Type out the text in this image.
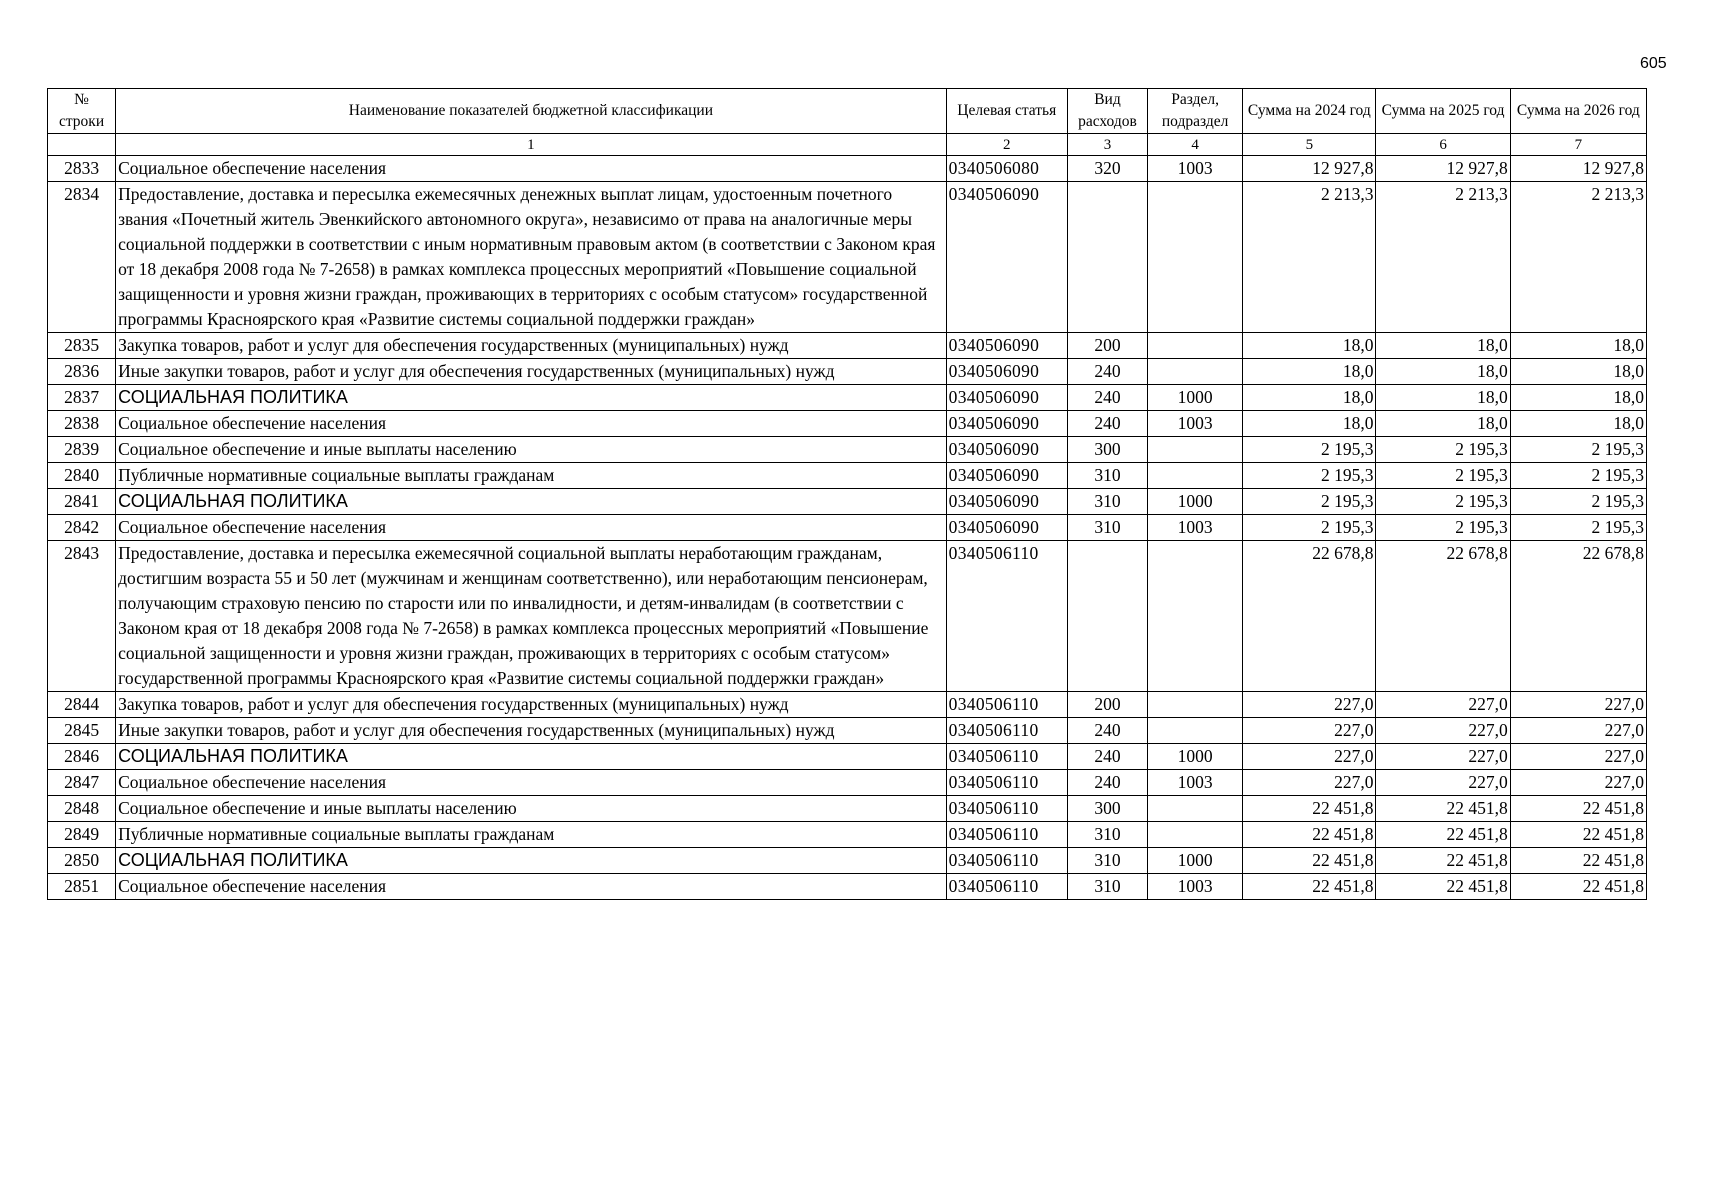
605
№ строки	Наименование показателей бюджетной классификации	Целевая статья	Вид расходов	Раздел, подраздел	Сумма на 2024 год	Сумма на 2025 год	Сумма на 2026 год
	1	2	3	4	5	6	7
2833	Социальное обеспечение населения	0340506080	320	1003	12 927,8	12 927,8	12 927,8
2834	Предоставление, доставка и пересылка ежемесячных денежных выплат лицам, удостоенным почетного звания «Почетный житель Эвенкийского автономного округа», независимо от права на аналогичные меры социальной поддержки в соответствии с иным нормативным правовым актом (в соответствии с Законом края от 18 декабря 2008 года № 7-2658) в рамках комплекса процессных мероприятий «Повышение социальной защищенности и уровня жизни граждан, проживающих в территориях с особым статусом» государственной программы Красноярского края «Развитие системы социальной поддержки граждан»	0340506090			2 213,3	2 213,3	2 213,3
2835	Закупка товаров, работ и услуг для обеспечения государственных (муниципальных) нужд	0340506090	200		18,0	18,0	18,0
2836	Иные закупки товаров, работ и услуг для обеспечения государственных (муниципальных) нужд	0340506090	240		18,0	18,0	18,0
2837	СОЦИАЛЬНАЯ ПОЛИТИКА	0340506090	240	1000	18,0	18,0	18,0
2838	Социальное обеспечение населения	0340506090	240	1003	18,0	18,0	18,0
2839	Социальное обеспечение и иные выплаты населению	0340506090	300		2 195,3	2 195,3	2 195,3
2840	Публичные нормативные социальные выплаты гражданам	0340506090	310		2 195,3	2 195,3	2 195,3
2841	СОЦИАЛЬНАЯ ПОЛИТИКА	0340506090	310	1000	2 195,3	2 195,3	2 195,3
2842	Социальное обеспечение населения	0340506090	310	1003	2 195,3	2 195,3	2 195,3
2843	Предоставление, доставка и пересылка ежемесячной социальной выплаты неработающим гражданам, достигшим возраста 55 и 50 лет (мужчинам и женщинам соответственно), или неработающим пенсионерам, получающим страховую пенсию по старости или по инвалидности, и детям-инвалидам (в соответствии с Законом края от 18 декабря 2008 года № 7-2658) в рамках комплекса процессных мероприятий «Повышение социальной защищенности и уровня жизни граждан, проживающих в территориях с особым статусом» государственной программы Красноярского края «Развитие системы социальной поддержки граждан»	0340506110			22 678,8	22 678,8	22 678,8
2844	Закупка товаров, работ и услуг для обеспечения государственных (муниципальных) нужд	0340506110	200		227,0	227,0	227,0
2845	Иные закупки товаров, работ и услуг для обеспечения государственных (муниципальных) нужд	0340506110	240		227,0	227,0	227,0
2846	СОЦИАЛЬНАЯ ПОЛИТИКА	0340506110	240	1000	227,0	227,0	227,0
2847	Социальное обеспечение населения	0340506110	240	1003	227,0	227,0	227,0
2848	Социальное обеспечение и иные выплаты населению	0340506110	300		22 451,8	22 451,8	22 451,8
2849	Публичные нормативные социальные выплаты гражданам	0340506110	310		22 451,8	22 451,8	22 451,8
2850	СОЦИАЛЬНАЯ ПОЛИТИКА	0340506110	310	1000	22 451,8	22 451,8	22 451,8
2851	Социальное обеспечение населения	0340506110	310	1003	22 451,8	22 451,8	22 451,8
